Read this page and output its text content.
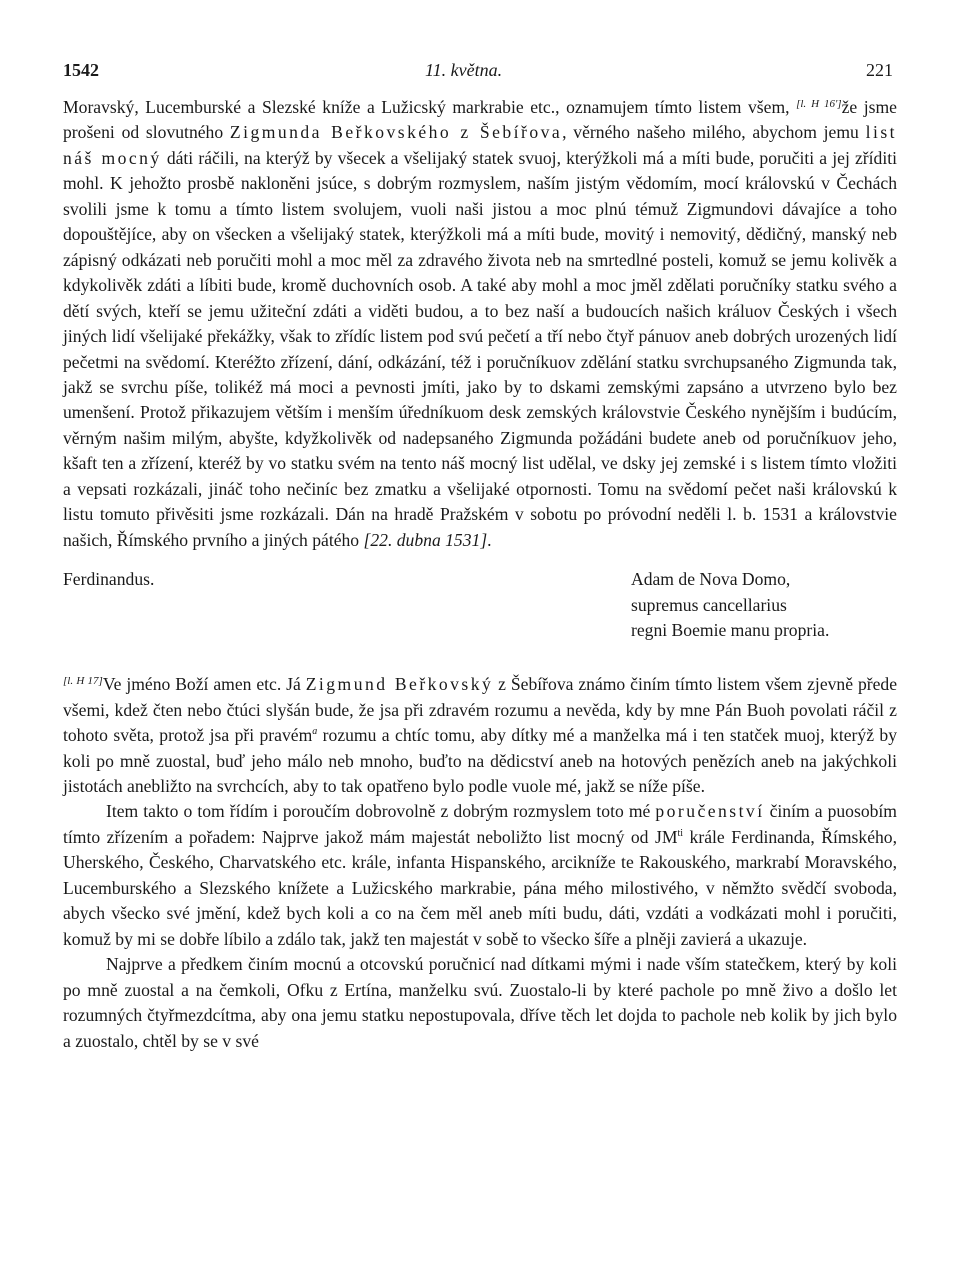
1542	11. května.	221

Moravský, Lucemburské a Slezské kníže a Lužicský markrabie etc., oznamujem tímto listem všem, [l. H 16']že jsme prošeni od slovutného Zigmunda Beřkovského z Šebířova, věrného našeho milého, abychom jemu list náš mocný dáti ráčili, na kterýž by všecek a všelijaký statek svuoj, kterýžkoli má a míti bude, poručiti a jej zříditi mohl. K jehožto prosbě nakloněni jsúce, s dobrým rozmyslem, naším jistým vědomím, mocí královskú v Čechách svolili jsme k tomu a tímto listem svolujem, vuoli naši jistou a moc plnú témuž Zigmundovi dávajíce a toho dopouštějíce, aby on všecken a všelijaký statek, kterýžkoli má a míti bude, movitý i nemovitý, dědičný, manský neb zápisný odkázati neb poručiti mohl a moc měl za zdravého života neb na smrtedlné posteli, komuž se jemu kolivěk a kdykolivěk zdáti a líbiti bude, kromě duchovních osob. A také aby mohl a moc jměl zdělati poručníky statku svého a dětí svých, kteří se jemu užiteční zdáti a viděti budou, a to bez naší a budoucích našich králuov Českých i všech jiných lidí všelijaké překážky, však to zřídíc listem pod svú pečetí a tří nebo čtyř pánuov aneb dobrých urozených lidí pečetmi na svědomí. Kteréžto zřízení, dání, odkázání, též i poručníkuov zdělání statku svrchupsaného Zigmunda tak, jakž se svrchu píše, tolikéž má moci a pevnosti jmíti, jako by to dskami zemskými zapsáno a utvrzeno bylo bez umenšení. Protož přikazujem větším i menším úředníkuom desk zemských královstvie Českého nynějším i budúcím, věrným našim milým, abyšte, kdyžkolivěk od nadepsaného Zigmunda požádáni budete aneb od poručníkuov jeho, kšaft ten a zřízení, kteréž by vo statku svém na tento náš mocný list udělal, ve dsky jej zemské i s listem tímto vložiti a vepsati rozkázali, jináč toho nečiníc bez zmatku a všelijaké otpornosti. Tomu na svědomí pečet naši královskú k listu tomuto přivěsiti jsme rozkázali. Dán na hradě Pražském v sobotu po próvodní neděli l. b. 1531 a královstvie našich, Římského prvního a jiných pátého [22. dubna 1531].

Ferdinandus.	Adam de Nova Domo,
supremus cancellarius
regni Boemie manu propria.

[l. H 17]Ve jméno Boží amen etc. Já Zigmund Beřkovský z Šebířova známo činím tímto listem všem zjevně přede všemi, kdež čten nebo čtúci slyšán bude, že jsa při zdravém rozumu a nevěda, kdy by mne Pán Buoh povolati ráčil z tohoto světa, protož jsa při pravém$^a$ rozumu a chtíc tomu, aby dítky mé a manželka má i ten statček muoj, kterýž by koli po mně zuostal, buď jeho málo neb mnoho, buďto na dědicství aneb na hotových penězích aneb na jakýchkoli jistotách anebližto na svrchcích, aby to tak opatřeno bylo podle vuole mé, jakž se níže píše.

Item takto o tom řídím i poroučím dobrovolně z dobrým rozmyslem toto mé poručenství činím a puosobím tímto zřízením a pořadem: Najprve jakož mám majestát neboližto list mocný od $JM^{ti}$ krále Ferdinanda, Římského, Uherského, Českého, Charvatského etc. krále, infanta Hispanského, arcikníže te Rakouského, markrabí Moravského, Lucemburského a Slezského knížete a Lužicského markrabie, pána mého milostivého, v němžto svědčí svoboda, abych všecko své jmění, kdež bych koli a co na čem měl aneb míti budu, dáti, vzdáti a vodkázati mohl i poručiti, komuž by mi se dobře líbilo a zdálo tak, jakž ten majestát v sobě to všecko šíře a plněji zavierá a ukazuje.

Najprve a předkem činím mocnú a otcovskú poručnicí nad dítkami mými i nade vším statečkem, který by koli po mně zuostal a na čemkoli, Ofku z Ertína, manželku svú. Zuostalo-li by které pachole po mně živo a došlo let rozumných čtyřmezdcítma, aby ona jemu statku nepostupovala, dříve těch let dojda to pachole neb kolik by jich bylo a zuostalo, chtěl by se v své
